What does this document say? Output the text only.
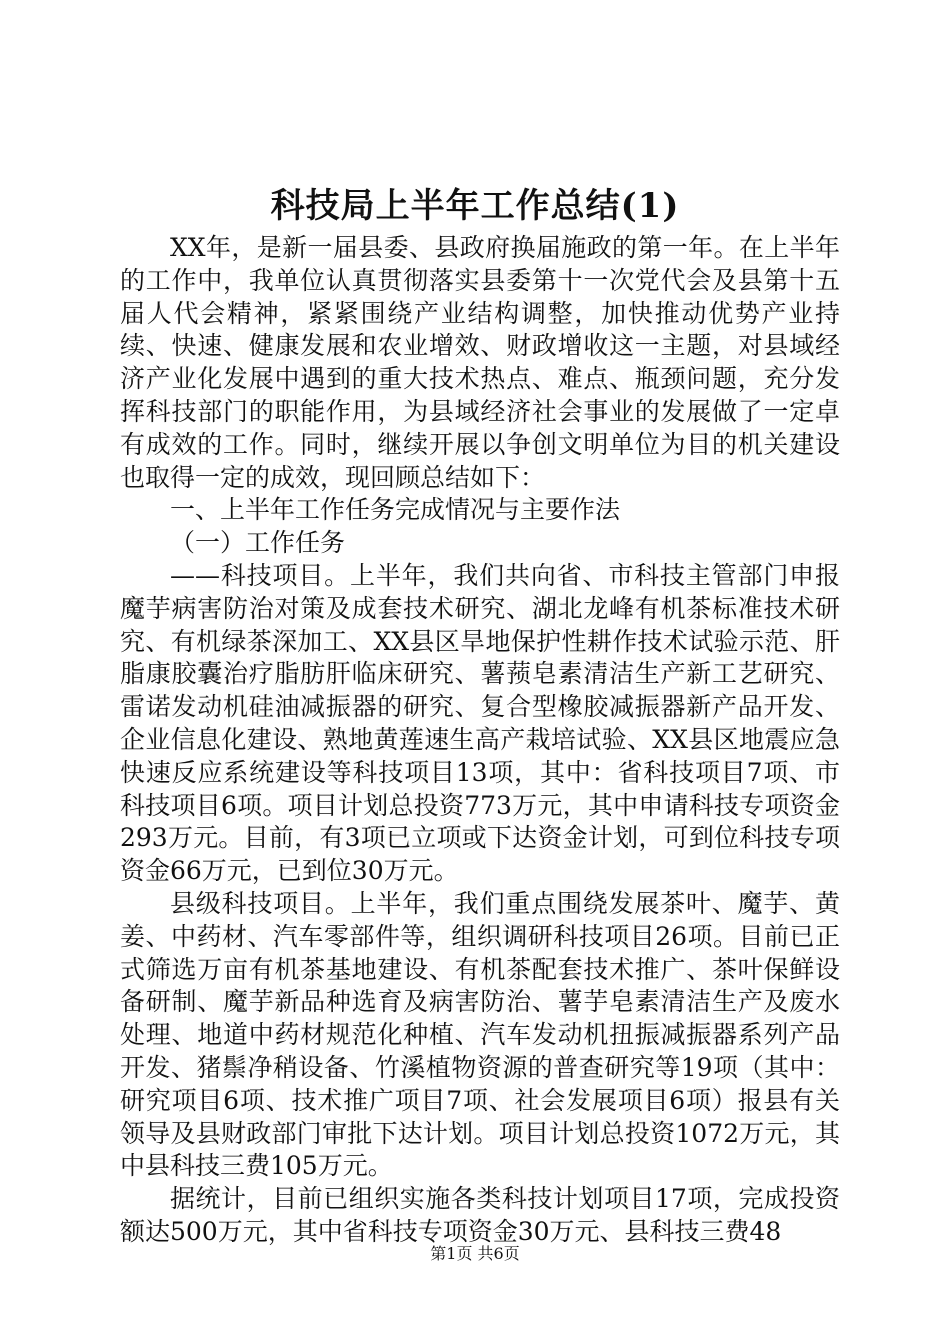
科技局上半年工作总结(1)

XX年，是新一届县委、县政府换届施政的第一年。在上半年的工作中，我单位认真贯彻落实县委第十一次党代会及县第十五届人代会精神，紧紧围绕产业结构调整，加快推动优势产业持续、快速、健康发展和农业增效、财政增收这一主题，对县域经济产业化发展中遇到的重大技术热点、难点、瓶颈问题，充分发挥科技部门的职能作用，为县域经济社会事业的发展做了一定卓有成效的工作。同时，继续开展以争创文明单位为目的机关建设也取得一定的成效，现回顾总结如下：

一、上半年工作任务完成情况与主要作法

（一）工作任务

——科技项目。上半年，我们共向省、市科技主管部门申报魔芋病害防治对策及成套技术研究、湖北龙峰有机茶标准技术研究、有机绿茶深加工、XX县区旱地保护性耕作技术试验示范、肝脂康胶囊治疗脂肪肝临床研究、薯蓣皂素清洁生产新工艺研究、雷诺发动机硅油减振器的研究、复合型橡胶减振器新产品开发、企业信息化建设、熟地黄莲速生高产栽培试验、XX县区地震应急快速反应系统建设等科技项目13项，其中：省科技项目7项、市科技项目6项。项目计划总投资773万元，其中申请科技专项资金293万元。目前，有3项已立项或下达资金计划，可到位科技专项资金66万元，已到位30万元。

县级科技项目。上半年，我们重点围绕发展茶叶、魔芋、黄姜、中药材、汽车零部件等，组织调研科技项目26项。目前已正式筛选万亩有机茶基地建设、有机茶配套技术推广、茶叶保鲜设备研制、魔芋新品种选育及病害防治、薯芋皂素清洁生产及废水处理、地道中药材规范化种植、汽车发动机扭振减振器系列产品开发、猪鬃净稍设备、竹溪植物资源的普查研究等19项（其中：研究项目6项、技术推广项目7项、社会发展项目6项）报县有关领导及县财政部门审批下达计划。项目计划总投资1072万元，其中县科技三费105万元。

据统计，目前已组织实施各类科技计划项目17项，完成投资额达500万元，其中省科技专项资金30万元、县科技三费48

第1页 共6页
